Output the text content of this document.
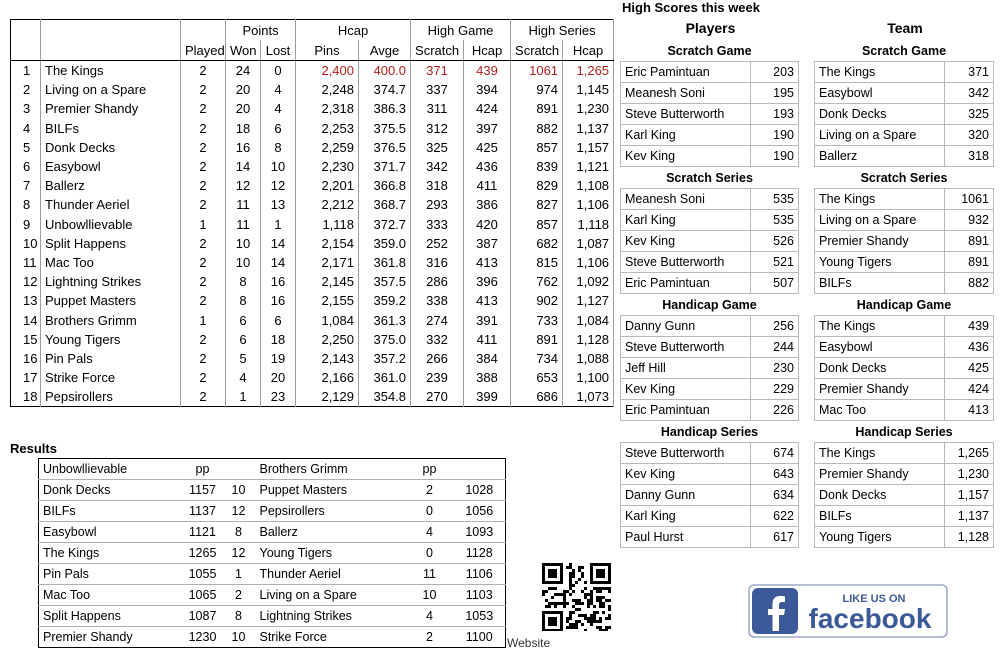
			Points		Hcap		High Game		High Series	
		Played	Won	Lost	Pins	Avge	Scratch	Hcap	Scratch	Hcap
1	The Kings	2	24	0	2,400	400.0	371	439	1061	1,265
2	Living on a Spare	2	20	4	2,248	374.7	337	394	974	1,145
3	Premier Shandy	2	20	4	2,318	386.3	311	424	891	1,230
4	BILFs	2	18	6	2,253	375.5	312	397	882	1,137
5	Donk Decks	2	16	8	2,259	376.5	325	425	857	1,157
6	Easybowl	2	14	10	2,230	371.7	342	436	839	1,121
7	Ballerz	2	12	12	2,201	366.8	318	411	829	1,108
8	Thunder Aeriel	2	11	13	2,212	368.7	293	386	827	1,106
9	Unbowllievable	1	11	1	1,118	372.7	333	420	857	1,118
10	Split Happens	2	10	14	2,154	359.0	252	387	682	1,087
11	Mac Too	2	10	14	2,171	361.8	316	413	815	1,106
12	Lightning Strikes	2	8	16	2,145	357.5	286	396	762	1,092
13	Puppet Masters	2	8	16	2,155	359.2	338	413	902	1,127
14	Brothers Grimm	1	6	6	1,084	361.3	274	391	733	1,084
15	Young Tigers	2	6	18	2,250	375.0	332	411	891	1,128
16	Pin Pals	2	5	19	2,143	357.2	266	384	734	1,088
17	Strike Force	2	4	20	2,166	361.0	239	388	653	1,100
18	Pepsirollers	2	1	23	2,129	354.8	270	399	686	1,073
Results
Unbowllievable	pp		Brothers Grimm	pp	
Donk Decks	1157	10	Puppet Masters	2	1028
BILFs	1137	12	Pepsirollers	0	1056
Easybowl	1121	8	Ballerz	4	1093
The Kings	1265	12	Young Tigers	0	1128
Pin Pals	1055	1	Thunder Aeriel	11	1106
Mac Too	1065	2	Living on a Spare	10	1103
Split Happens	1087	8	Lightning Strikes	4	1053
Premier Shandy	1230	10	Strike Force	2	1100
High Scores this week
Players	Team
Scratch Game	
Eric Pamintuan	203
Meanesh Soni	195
Steve Butterworth	193
Karl King	190
Kev King	190
Scratch Series	
Meanesh Soni	535
Karl King	535
Kev King	526
Steve Butterworth	521
Eric Pamintuan	507
Handicap Game	
Danny Gunn	256
Steve Butterworth	244
Jeff Hill	230
Kev King	229
Eric Pamintuan	226
Handicap Series	
Steve Butterworth	674
Kev King	643
Danny Gunn	634
Karl King	622
Paul Hurst	617
Scratch Game	
The Kings	371
Easybowl	342
Donk Decks	325
Living on a Spare	320
Ballerz	318
Scratch Series	
The Kings	1061
Living on a Spare	932
Premier Shandy	891
Young Tigers	891
BILFs	882
Handicap Game	
The Kings	439
Easybowl	436
Donk Decks	425
Premier Shandy	424
Mac Too	413
Handicap Series	
The Kings	1,265
Premier Shandy	1,230
Donk Decks	1,157
BILFs	1,137
Young Tigers	1,128
LIKE US ON
facebook
Website
